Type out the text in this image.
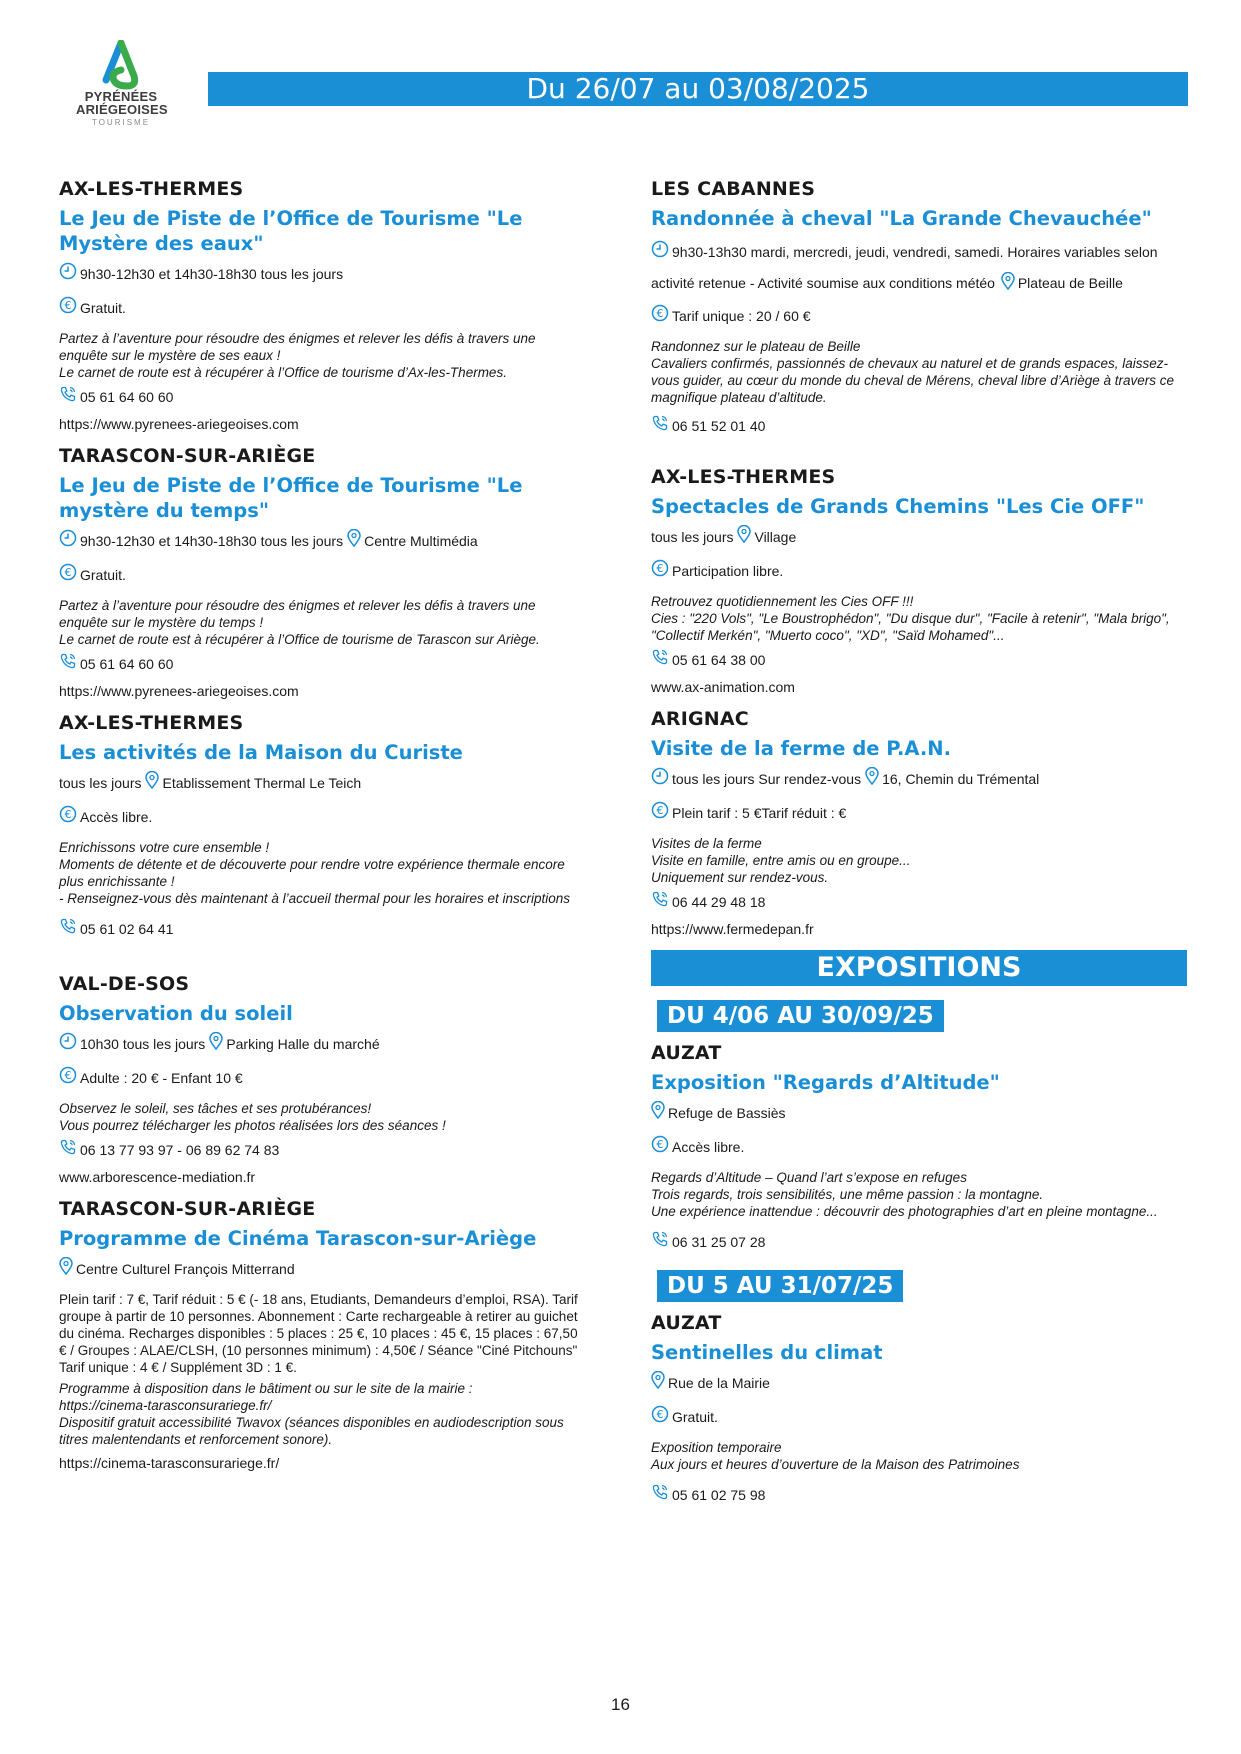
PYRÉNÉES
ARIÉGEOISES
TOURISME
Du 26/07 au 03/08/2025
AX-LES-THERMES
Le Jeu de Piste de l’Office de Tourisme "Le Mystère des eaux"
9h30-12h30 et 14h30-18h30 tous les jours
€ Gratuit.
Partez à l’aventure pour résoudre des énigmes et relever les défis à travers une enquête sur le mystère de ses eaux !
Le carnet de route est à récupérer à l’Office de tourisme d’Ax-les-Thermes.
05 61 64 60 60
https://www.pyrenees-ariegeoises.com
TARASCON-SUR-ARIÈGE
Le Jeu de Piste de l’Office de Tourisme "Le mystère du temps"
9h30-12h30 et 14h30-18h30 tous les jours Centre Multimédia
€ Gratuit.
Partez à l’aventure pour résoudre des énigmes et relever les défis à travers une enquête sur le mystère du temps !
Le carnet de route est à récupérer à l’Office de tourisme de Tarascon sur Ariège.
05 61 64 60 60
https://www.pyrenees-ariegeoises.com
AX-LES-THERMES
Les activités de la Maison du Curiste
tous les jours Etablissement Thermal Le Teich
€ Accès libre.
Enrichissons votre cure ensemble !
Moments de détente et de découverte pour rendre votre expérience thermale encore plus enrichissante !
- Renseignez-vous dès maintenant à l’accueil thermal pour les horaires et inscriptions
05 61 02 64 41
VAL-DE-SOS
Observation du soleil
10h30 tous les jours Parking Halle du marché
€ Adulte : 20 € - Enfant 10 €
Observez le soleil, ses tâches et ses protubérances!
Vous pourrez télécharger les photos réalisées lors des séances !
06 13 77 93 97 - 06 89 62 74 83
www.arborescence-mediation.fr
TARASCON-SUR-ARIÈGE
Programme de Cinéma Tarascon-sur-Ariège
Centre Culturel François Mitterrand
Plein tarif : 7 €, Tarif réduit : 5 € (- 18 ans, Etudiants, Demandeurs d’emploi, RSA). Tarif groupe à partir de 10 personnes. Abonnement : Carte rechargeable à retirer au guichet du cinéma. Recharges disponibles : 5 places : 25 €, 10 places : 45 €, 15 places : 67,50 € / Groupes : ALAE/CLSH, (10 personnes minimum) : 4,50€ / Séance "Ciné Pitchouns" Tarif unique : 4 € / Supplément 3D : 1 €.
Programme à disposition dans le bâtiment ou sur le site de la mairie :
https://cinema-tarasconsurariege.fr/
Dispositif gratuit accessibilité Twavox (séances disponibles en audiodescription sous titres malentendants et renforcement sonore).
https://cinema-tarasconsurariege.fr/
LES CABANNES
Randonnée à cheval "La Grande Chevauchée"
9h30-13h30 mardi, mercredi, jeudi, vendredi, samedi. Horaires variables selon activité retenue - Activité soumise aux conditions météo Plateau de Beille
€ Tarif unique : 20 / 60 €
Randonnez sur le plateau de Beille
Cavaliers confirmés, passionnés de chevaux au naturel et de grands espaces, laissez-vous guider, au cœur du monde du cheval de Mérens, cheval libre d’Ariège à travers ce magnifique plateau d’altitude.
06 51 52 01 40
AX-LES-THERMES
Spectacles de Grands Chemins "Les Cie OFF"
tous les jours Village
€ Participation libre.
Retrouvez quotidiennement les Cies OFF !!!
Cies : "220 Vols", "Le Boustrophédon", "Du disque dur", "Facile à retenir", "Mala brigo", "Collectif Merkén", "Muerto coco", "XD", "Saïd Mohamed"...
05 61 64 38 00
www.ax-animation.com
ARIGNAC
Visite de la ferme de P.A.N.
tous les jours Sur rendez-vous 16, Chemin du Trémental
€ Plein tarif : 5 €Tarif réduit : €
Visites de la ferme
Visite en famille, entre amis ou en groupe...
Uniquement sur rendez-vous.
06 44 29 48 18
https://www.fermedepan.fr
EXPOSITIONS
DU 4/06 AU 30/09/25
AUZAT
Exposition "Regards d’Altitude"
Refuge de Bassiès
€ Accès libre.
Regards d’Altitude – Quand l’art s’expose en refuges
Trois regards, trois sensibilités, une même passion : la montagne.
Une expérience inattendue : découvrir des photographies d’art en pleine montagne...
06 31 25 07 28
DU 5 AU 31/07/25
AUZAT
Sentinelles du climat
Rue de la Mairie
€ Gratuit.
Exposition temporaire
Aux jours et heures d’ouverture de la Maison des Patrimoines
05 61 02 75 98
16
